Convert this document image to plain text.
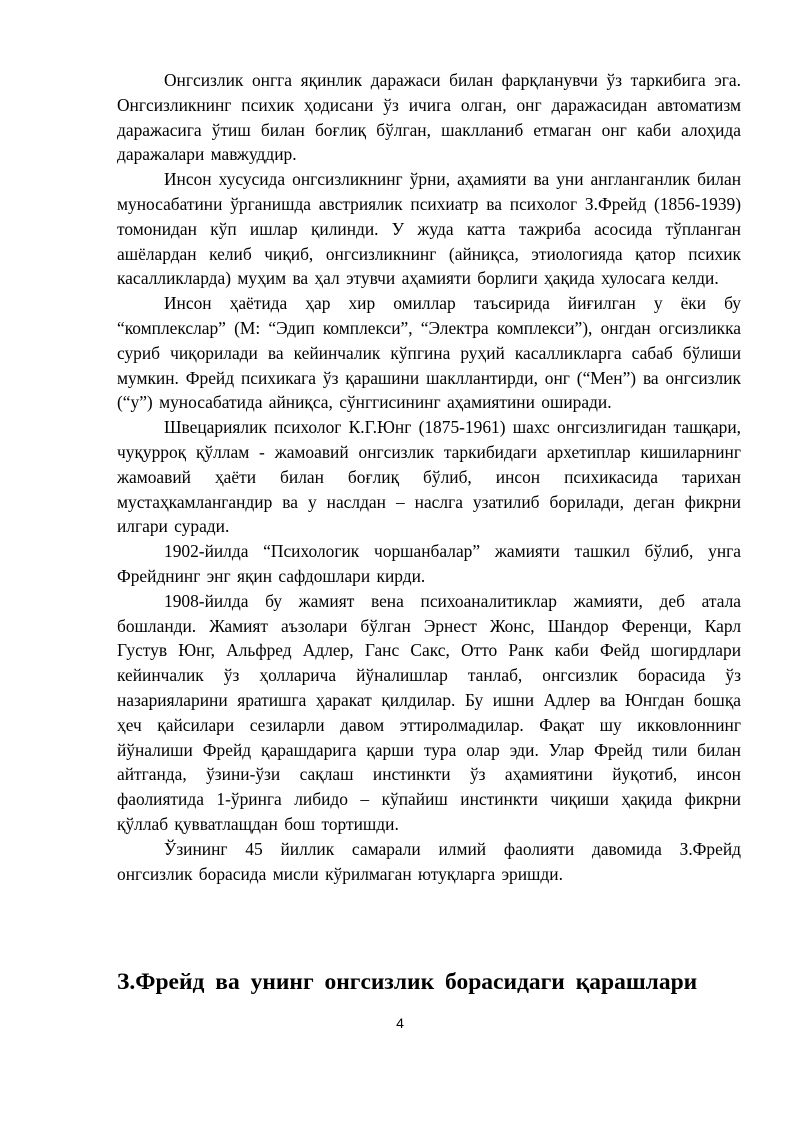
Онгсизлик онгга яқинлик даражаси билан фарқланувчи ўз таркибига эга. Онгсизликнинг психик ҳодисани ўз ичига олган, онг даражасидан автоматизм даражасига ўтиш билан боғлиқ бўлган, шаклланиб етмаган онг каби алоҳида даражалари мавжуддир.

Инсон хусусида онгсизликнинг ўрни, аҳамияти ва уни англанганлик билан муносабатини ўрганишда австриялик психиатр ва психолог З.Фрейд (1856-1939) томонидан кўп ишлар қилинди. У жуда катта тажриба асосида тўпланган ашёлардан келиб чиқиб, онгсизликнинг (айниқса, этиологияда қатор психик касалликларда) муҳим ва ҳал этувчи аҳамияти борлиги ҳақида хулосага келди.

Инсон ҳаётида ҳар хир омиллар таъсирида йиғилган у ёки бу “комплекслар” (М: “Эдип комплекси”, “Электра комплекси”), онгдан огсизликка суриб чиқорилади ва кейинчалик кўпгина руҳий касалликларга сабаб бўлиши мумкин. Фрейд психикага ўз қарашини шакллантирди, онг (“Мен”) ва онгсизлик (“у”) муносабатида айниқса, сўнггисининг аҳамиятини оширади.

Швецариялик психолог К.Г.Юнг (1875-1961) шахс онгсизлигидан ташқари, чуқурроқ қўллам - жамоавий онгсизлик таркибидаги архетиплар кишиларнинг жамоавий ҳаёти билан боғлиқ бўлиб, инсон психикасида тарихан мустаҳкамлангандир ва у наслдан – наслга узатилиб борилади, деган фикрни илгари суради.

1902-йилда “Психологик чоршанбалар” жамияти ташкил бўлиб, унга Фрейднинг энг яқин сафдошлари кирди.

1908-йилда бу жамият вена психоаналитиклар жамияти, деб атала бошланди. Жамият аъзолари бўлган Эрнест Жонс, Шандор Ференци, Карл Густув Юнг, Альфред Адлер, Ганс Сакс, Отто Ранк каби Фейд шогирдлари кейинчалик ўз ҳолларича йўналишлар танлаб, онгсизлик борасида ўз назарияларини яратишга ҳаракат қилдилар. Бу ишни Адлер ва Юнгдан бошқа ҳеч қайсилари сезиларли давом эттиролмадилар. Фақат шу икковлоннинг йўналиши Фрейд қарашдарига қарши тура олар эди. Улар Фрейд тили билан айтганда, ўзини-ўзи сақлаш инстинкти ўз аҳамиятини йуқотиб, инсон фаолиятида 1-ўрингa либидо – кўпайиш инстинкти чиқиши ҳақида фикрни қўллаб қувватлащдан бош тортишди.

Ўзининг 45 йиллик самарали илмий фаолияти давомида З.Фрейд онгсизлик борасида мисли кўрилмаган ютуқларга эришди.

З.Фрейд ва унинг онгсизлик борасидаги қарашлари
4
